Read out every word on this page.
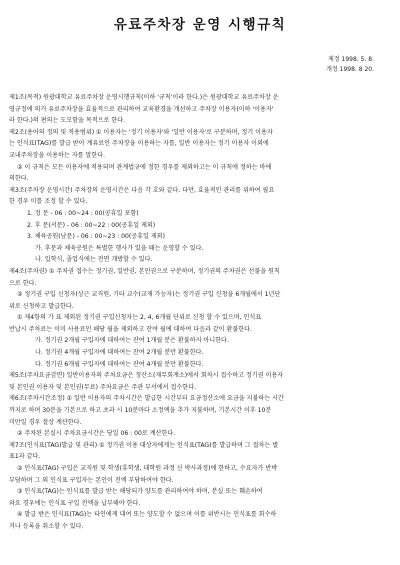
유료주차장 운영 시행규칙
제정 1998. 5. 8.
개정 1998. 8 20.

제1조(목적) 원광대학교 유료주차장 운영시행규칙(이하 '규칙'이라 한다.)은 원광대학교 유료주차장 운

영규정에 의거 유료주차장을 효율적으로 관리하여 교육환경을 개선하고 주차장 이용자(이하 '이용자'

라 한다.)의 편의는 도모함을 목적으로 한다.

제2조(용어의 정의 및 적용범위) ① 이용자는 '정기 이용자'와 '일반 이용자'로 구분하며, 정기 이용자

는 인식표(TAG)를 발급 받아 계유료인 주차장을 이용하는 자를, 일반 이용자는 정기 이용자 이외에

교내주차장을 이용하는 자를 말한다.

② 이 규칙은 모든 이용자에 적용되며 관계법규에 정한 경우를 제외하고는 이 규칙에 정하는 바에

의한다.

제3조(주차장 운영시간) 주차장의 운영시간은 다음 각 호와 같다. 다만, 효율적인 관리를 위하여 필요

한 경우 이를 조정 할 수 있다.

1. 정 문 - 06 : 00~24 : 00(공휴일 포함)

2. 후 문(서문) - 06 : 00~22 : 00(공휴일 제외)

3. 체육공원(남문) - 06 : 00~23 : 00(공휴일 제외)

가. 후문과 체육공원은 특별한 행사가 있을 때는 운영할 수 있다.

나. 입학식, 졸업식에는 전면 개방할 수 있다.

제4조(주차권) ① 주차권 접수는 정기권, 일반권, 본인권으로 구분하며, 정기권의 주차권은 선불을 원칙

으로 한다.

② 정기권 구입 신청자(상근 교직원, 기타 교수(교재 가능자)는 정기권 구입 신청을 6개월에서 1년단

위로 신청하고 발급한다.

① 제4항의 가 표 제외된 정기권 구입신청자는 2, 4, 6개월 단위로 신청 할 수 있으며, 인식표

반납시 주차료는 이미 사용료인 해당 월을 제외하고 잔여 월에 대하여 다음과 같이 환불한다.

가. 정기권 2개월 구입자에 대하여는 잔여 1개월 분은 환불하지 아니한다.

나. 정기권 4개월 구입자에 대하여는 잔여 2개월 분만 환불한다.

다. 정기권 6개월 구입자에 대하여는 잔여 4개월 분만 환불한다.

제5조(주차요금감면) 일반이용자의 주차요금은 정산소(재무회계소)에서 회차시 접수하고 정기권 이용자

및 본인권 이용자 및 본인권(무료) 주차요금은 주관 부서에서 접수한다.

제6조(주차시간조정) ① 일반 이용자의 주차시간은 발급한 시간부터 요금정산소에 요금을 지불하는 시간

까지로 하며 30분을 기본으로 하고 초과 시 10분마다 소정액을 추가 지불하며, 기본시간 이후 10분

미만일 경우 절상 계산한다.

② 주차된 본실시 주차요금시간은 당일 06 : 00로 계산한다.

제7조(인식표(TAG)발급 및 관리) ① 정기권 이용 대상자에게는 인식표(TAG)를 발급하며 그 절차는 별

표1과 같다.

② 인식표(TAG) 구입은 교직원 및 학생(휴학생, 대학원 과정 신 박사과정)에 한하고, 수요자가 반박

부담하며 그 외 인식표 구입자는 본인이 전액 부담하여야 한다.

③ 인식표(TAG)는 인식표를 발급 받는 해당되가 양도를 관리하여야 하며, 분실 또는 훼손하여

와요 경우에는 인식표 구입 전액을 납부해야 한다.

④ 발급 받은 인식표(TAG)는 타인에게 대여 또는 양도할 수 없으며 이를 위반시는 인식표를 회수하

거나 등록을 취소할 수 있다.
